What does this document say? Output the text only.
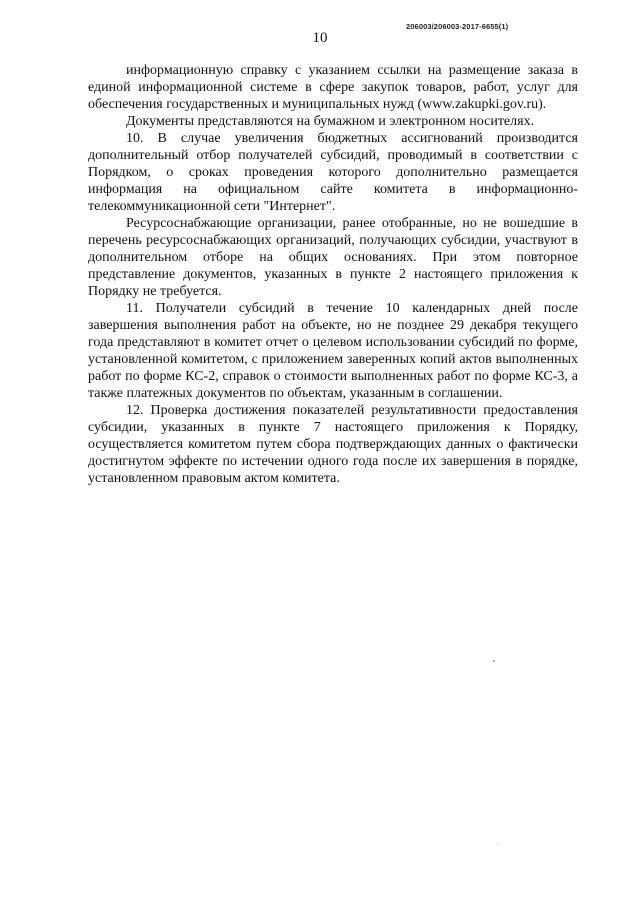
206003/206003-2017-6655(1)
10

информационную справку с указанием ссылки на размещение заказа в единой информационной системе в сфере закупок товаров, работ, услуг для обеспечения государственных и муниципальных нужд (www.zakupki.gov.ru).

Документы представляются на бумажном и электронном носителях.

10. В случае увеличения бюджетных ассигнований производится дополнительный отбор получателей субсидий, проводимый в соответствии с Порядком, о сроках проведения которого дополнительно размещается информация на официальном сайте комитета в информационно-телекоммуникационной сети "Интернет".

Ресурсоснабжающие организации, ранее отобранные, но не вошедшие в перечень ресурсоснабжающих организаций, получающих субсидии, участвуют в дополнительном отборе на общих основаниях. При этом повторное представление документов, указанных в пункте 2 настоящего приложения к Порядку не требуется.

11. Получатели субсидий в течение 10 календарных дней после завершения выполнения работ на объекте, но не позднее 29 декабря текущего года представляют в комитет отчет о целевом использовании субсидий по форме, установленной комитетом, с приложением заверенных копий актов выполненных работ по форме КС-2, справок о стоимости выполненных работ по форме КС-3, а также платежных документов по объектам, указанным в соглашении.

12. Проверка достижения показателей результативности предоставления субсидии, указанных в пункте 7 настоящего приложения к Порядку, осуществляется комитетом путем сбора подтверждающих данных о фактически достигнутом эффекте по истечении одного года после их завершения в порядке, установленном правовым актом комитета.
